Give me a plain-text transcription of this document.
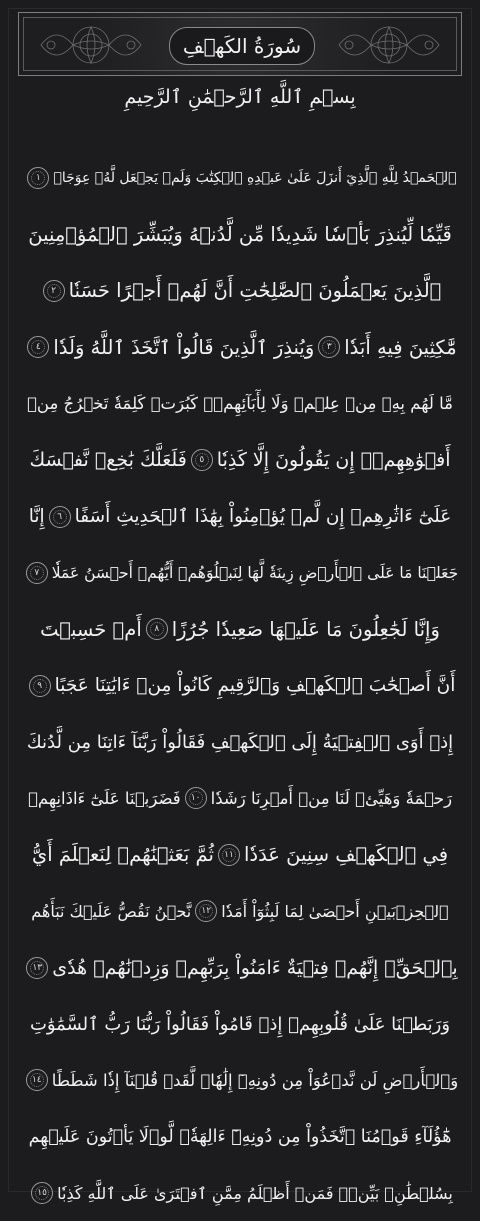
سُورَةُ الكَهۡفِ
بِسۡمِ ٱللَّهِ ٱلرَّحۡمَٰنِ ٱلرَّحِيمِ
ٱلۡحَمۡدُ لِلَّهِ ٱلَّذِيٓ أَنزَلَ عَلَىٰ عَبۡدِهِ ٱلۡكِتَٰبَ وَلَمۡ يَجۡعَل لَّهُۥ عِوَجَاۜ
١
قَيِّمٗا لِّيُنذِرَ بَأۡسٗا شَدِيدٗا مِّن لَّدُنۡهُ وَيُبَشِّرَ ٱلۡمُؤۡمِنِينَ
ٱلَّذِينَ يَعۡمَلُونَ ٱلصَّٰلِحَٰتِ أَنَّ لَهُمۡ أَجۡرًا حَسَنٗا
٢
مَّٰكِثِينَ فِيهِ أَبَدٗا
٣
وَيُنذِرَ ٱلَّذِينَ قَالُواْ ٱتَّخَذَ ٱللَّهُ وَلَدٗا
٤
مَّا لَهُم بِهِۦ مِنۡ عِلۡمٖ وَلَا لِأٓبَآئِهِمۡۚ كَبُرَتۡ كَلِمَةٗ تَخۡرُجُ مِنۡ
أَفۡوَٰهِهِمۡۚ إِن يَقُولُونَ إِلَّا كَذِبٗا
٥
فَلَعَلَّكَ بَٰخِعٞ نَّفۡسَكَ
عَلَىٰٓ ءَاثَٰرِهِمۡ إِن لَّمۡ يُؤۡمِنُواْ بِهَٰذَا ٱلۡحَدِيثِ أَسَفًا
٦
إِنَّا
جَعَلۡنَا مَا عَلَى ٱلۡأَرۡضِ زِينَةٗ لَّهَا لِنَبۡلُوَهُمۡ أَيُّهُمۡ أَحۡسَنُ عَمَلٗا
٧
وَإِنَّا لَجَٰعِلُونَ مَا عَلَيۡهَا صَعِيدٗا جُرُزًا
٨
أَمۡ حَسِبۡتَ
أَنَّ أَصۡحَٰبَ ٱلۡكَهۡفِ وَٱلرَّقِيمِ كَانُواْ مِنۡ ءَايَٰتِنَا عَجَبًا
٩
إِذۡ أَوَى ٱلۡفِتۡيَةُ إِلَى ٱلۡكَهۡفِ فَقَالُواْ رَبَّنَآ ءَاتِنَا مِن لَّدُنكَ
رَحۡمَةٗ وَهَيِّئۡ لَنَا مِنۡ أَمۡرِنَا رَشَدٗا
١٠
فَضَرَبۡنَا عَلَىٰٓ ءَاذَانِهِمۡ
فِي ٱلۡكَهۡفِ سِنِينَ عَدَدٗا
١١
ثُمَّ بَعَثۡنَٰهُمۡ لِنَعۡلَمَ أَيُّ
ٱلۡحِزۡبَيۡنِ أَحۡصَىٰ لِمَا لَبِثُوٓاْ أَمَدٗا
١٢
نَّحۡنُ نَقُصُّ عَلَيۡكَ نَبَأَهُم
بِٱلۡحَقِّۚ إِنَّهُمۡ فِتۡيَةٌ ءَامَنُواْ بِرَبِّهِمۡ وَزِدۡنَٰهُمۡ هُدٗى
١٣
وَرَبَطۡنَا عَلَىٰ قُلُوبِهِمۡ إِذۡ قَامُواْ فَقَالُواْ رَبُّنَا رَبُّ ٱلسَّمَٰوَٰتِ
وَٱلۡأَرۡضِ لَن نَّدۡعُوَاْ مِن دُونِهِۦٓ إِلَٰهٗاۖ لَّقَدۡ قُلۡنَآ إِذٗا شَطَطًا
١٤
هَٰٓؤُلَآءِ قَوۡمُنَا ٱتَّخَذُواْ مِن دُونِهِۦٓ ءَالِهَةٗۖ لَّوۡلَا يَأۡتُونَ عَلَيۡهِم
بِسُلۡطَٰنِۭ بَيِّنٖۖ فَمَنۡ أَظۡلَمُ مِمَّنِ ٱفۡتَرَىٰ عَلَى ٱللَّهِ كَذِبٗا
١٥
